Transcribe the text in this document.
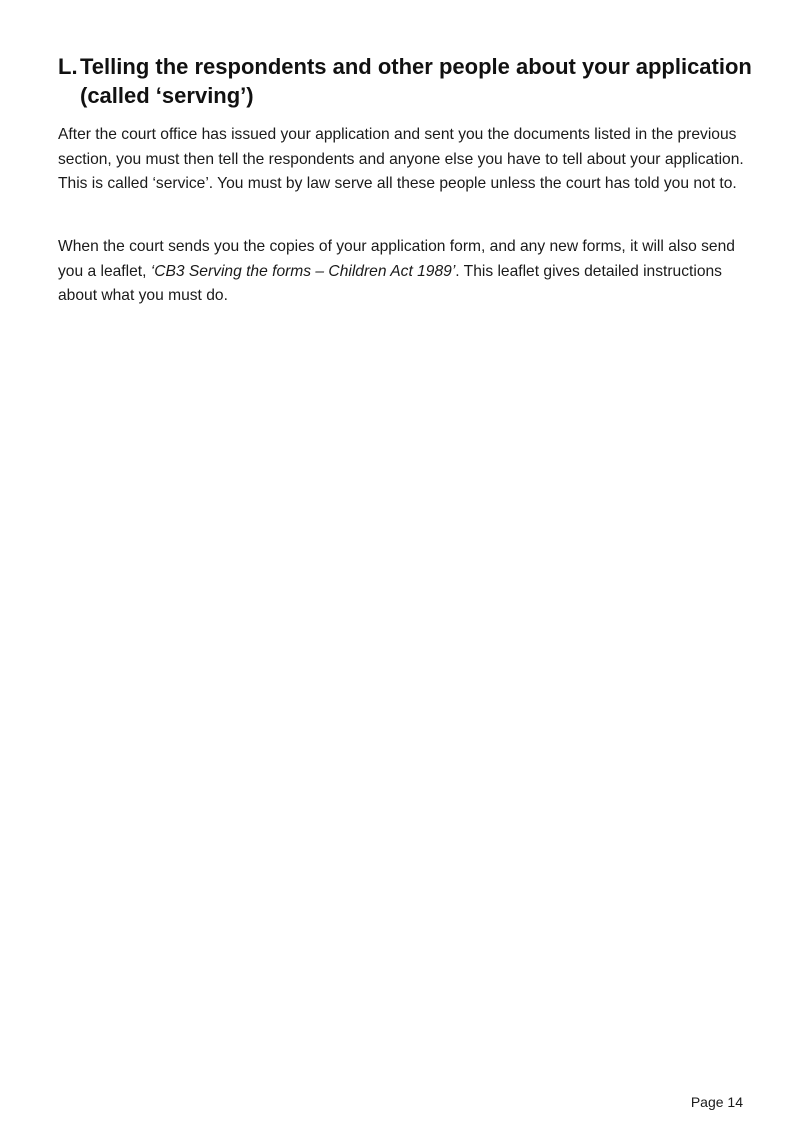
L. Telling the respondents and other people about your application (called ‘serving’)

After the court office has issued your application and sent you the documents listed in the previous section, you must then tell the respondents and anyone else you have to tell about your application. This is called ‘service’. You must by law serve all these people unless the court has told you not to.

When the court sends you the copies of your application form, and any new forms, it will also send you a leaflet, ‘CB3 Serving the forms – Children Act 1989’. This leaflet gives detailed instructions about what you must do.

Page 14
